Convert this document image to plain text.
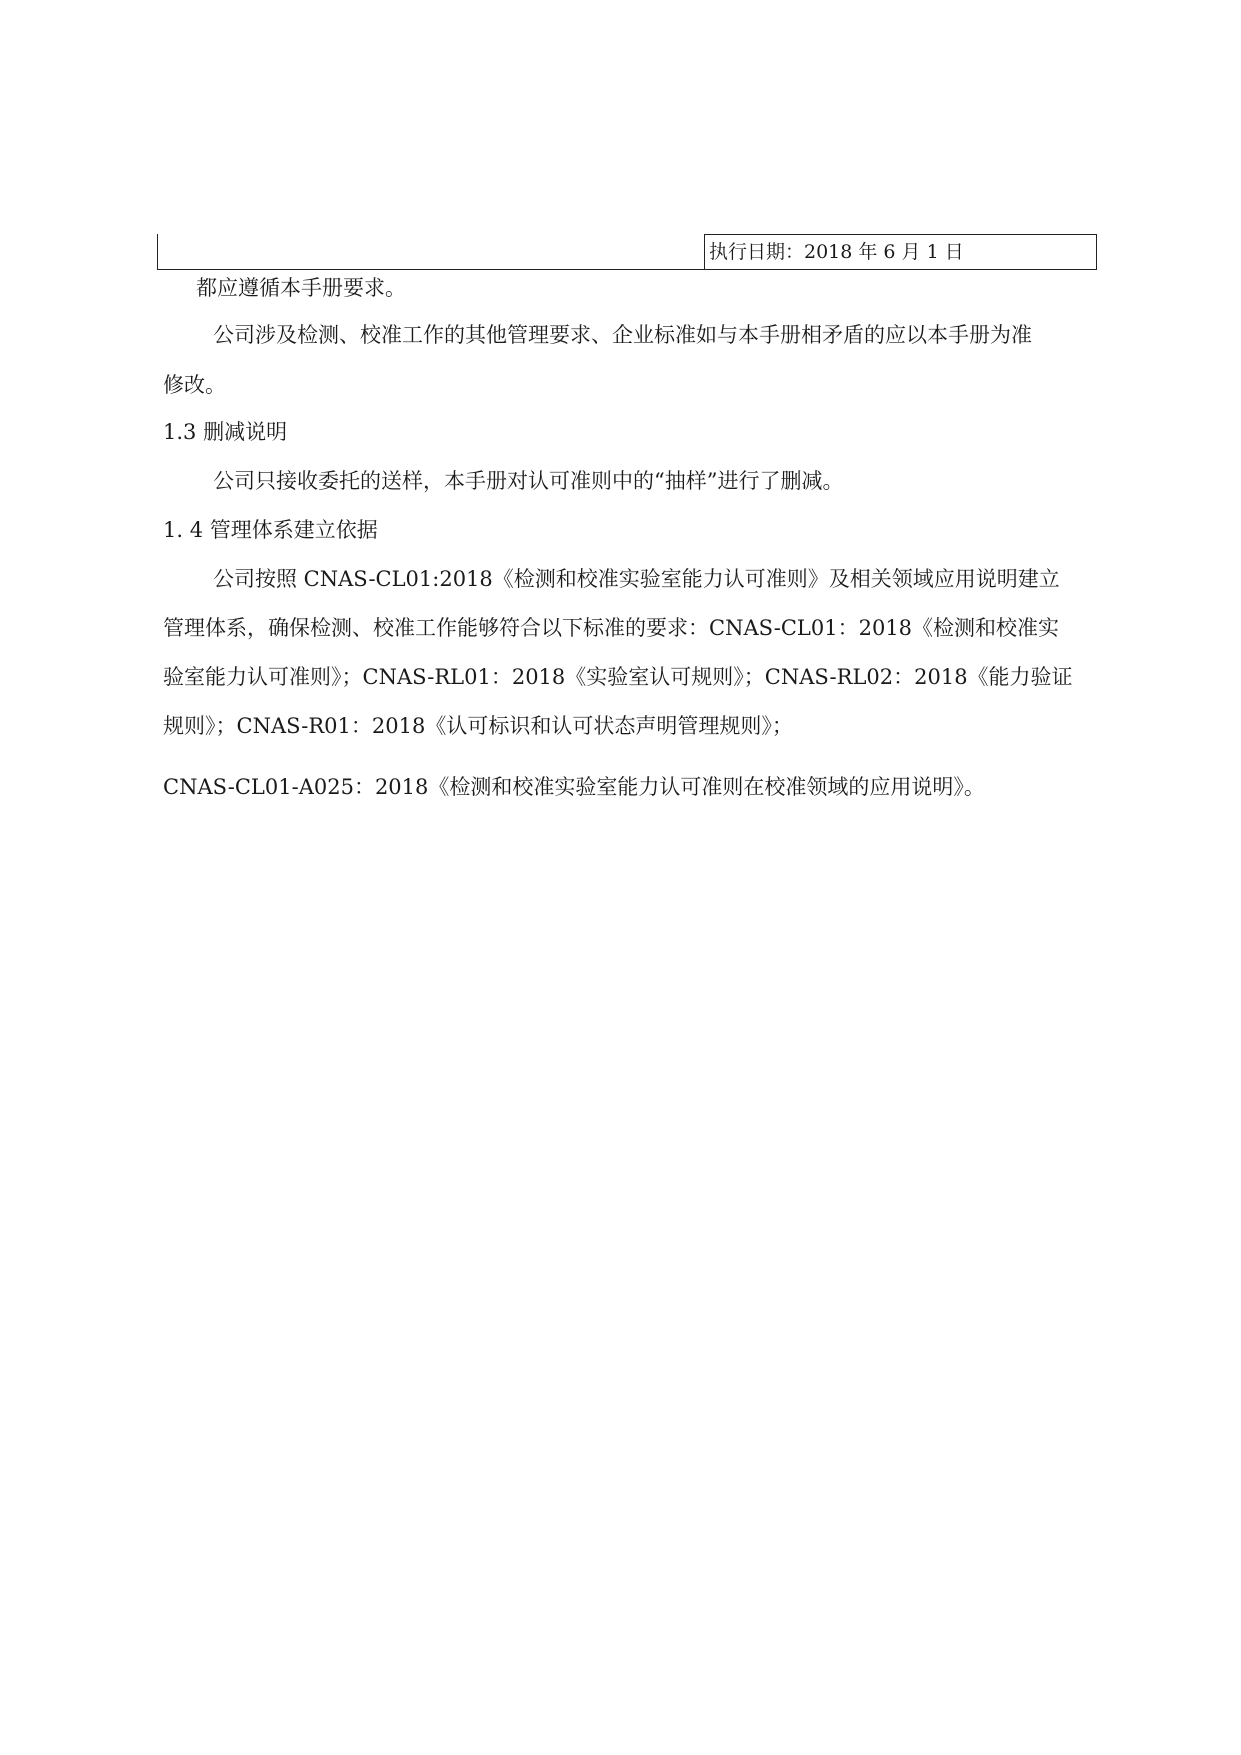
执行日期：2018 年 6 月 1 日
都应遵循本手册要求。
公司涉及检测、校准工作的其他管理要求、企业标准如与本手册相矛盾的应以本手册为准
修改。
1.3 删减说明
公司只接收委托的送样，本手册对认可准则中的“抽样”进行了删减。
1. 4 管理体系建立依据
公司按照 CNAS-CL01:2018《检测和校准实验室能力认可准则》及相关领域应用说明建立
管理体系，确保检测、校准工作能够符合以下标准的要求：CNAS-CL01：2018《检测和校准实
验室能力认可准则》；CNAS-RL01：2018《实验室认可规则》；CNAS-RL02：2018《能力验证
规则》；CNAS-R01：2018《认可标识和认可状态声明管理规则》；
CNAS-CL01-A025：2018《检测和校准实验室能力认可准则在校准领域的应用说明》。
